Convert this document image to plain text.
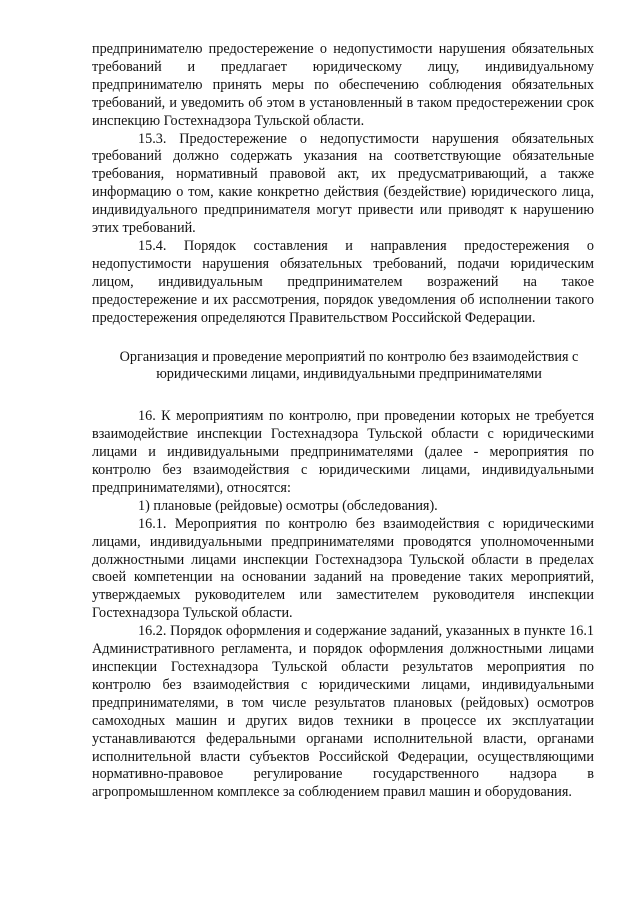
предпринимателю предостережение о недопустимости нарушения обязательных требований и предлагает юридическому лицу, индивидуальному предпринимателю принять меры по обеспечению соблюдения обязательных требований, и уведомить об этом в установленный в таком предостережении срок инспекцию Гостехнадзора Тульской области.

15.3. Предостережение о недопустимости нарушения обязательных требований должно содержать указания на соответствующие обязательные требования, нормативный правовой акт, их предусматривающий, а также информацию о том, какие конкретно действия (бездействие) юридического лица, индивидуального предпринимателя могут привести или приводят к нарушению этих требований.

15.4. Порядок составления и направления предостережения о недопустимости нарушения обязательных требований, подачи юридическим лицом, индивидуальным предпринимателем возражений на такое предостережение и их рассмотрения, порядок уведомления об исполнении такого предостережения определяются Правительством Российской Федерации.

Организация и проведение мероприятий по контролю без взаимодействия с юридическими лицами, индивидуальными предпринимателями

16. К мероприятиям по контролю, при проведении которых не требуется взаимодействие инспекции Гостехнадзора Тульской области с юридическими лицами и индивидуальными предпринимателями (далее - мероприятия по контролю без взаимодействия с юридическими лицами, индивидуальными предпринимателями), относятся:

1) плановые (рейдовые) осмотры (обследования).

16.1. Мероприятия по контролю без взаимодействия с юридическими лицами, индивидуальными предпринимателями проводятся уполномоченными должностными лицами инспекции Гостехнадзора Тульской области в пределах своей компетенции на основании заданий на проведение таких мероприятий, утверждаемых руководителем или заместителем руководителя инспекции Гостехнадзора Тульской области.

16.2. Порядок оформления и содержание заданий, указанных в пункте 16.1 Административного регламента, и порядок оформления должностными лицами инспекции Гостехнадзора Тульской области результатов мероприятия по контролю без взаимодействия с юридическими лицами, индивидуальными предпринимателями, в том числе результатов плановых (рейдовых) осмотров самоходных машин и других видов техники в процессе их эксплуатации устанавливаются федеральными органами исполнительной власти, органами исполнительной власти субъектов Российской Федерации, осуществляющими нормативно-правовое регулирование государственного надзора в агропромышленном комплексе за соблюдением правил машин и оборудования.
